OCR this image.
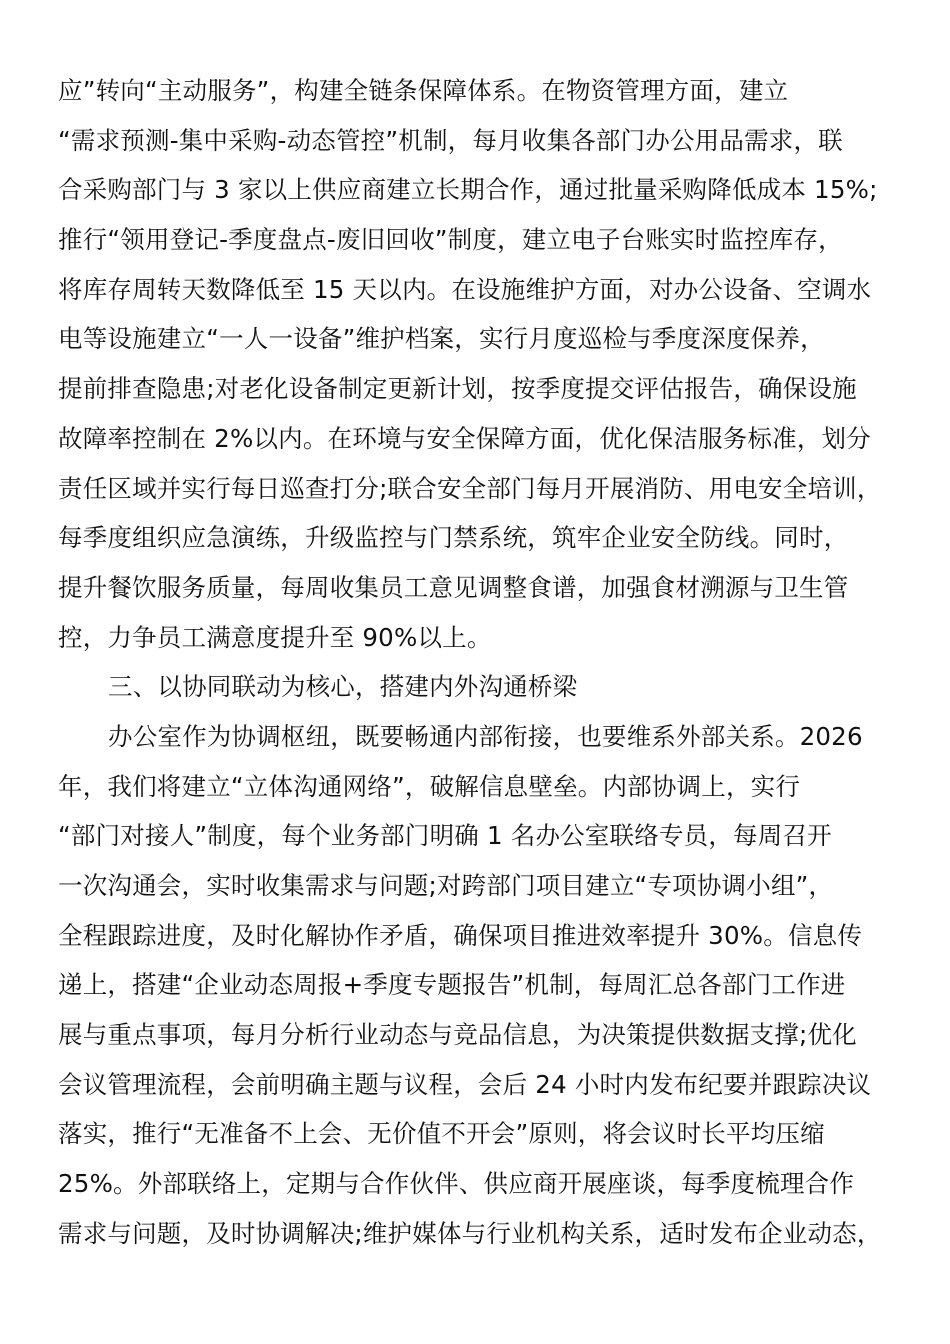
应”转向“主动服务”，构建全链条保障体系。在物资管理方面，建立
“需求预测-集中采购-动态管控”机制，每月收集各部门办公用品需求，联
合采购部门与 3 家以上供应商建立长期合作，通过批量采购降低成本 15%;
推行“领用登记-季度盘点-废旧回收”制度，建立电子台账实时监控库存，
将库存周转天数降低至 15 天以内。在设施维护方面，对办公设备、空调水
电等设施建立“一人一设备”维护档案，实行月度巡检与季度深度保养，
提前排查隐患;对老化设备制定更新计划，按季度提交评估报告，确保设施
故障率控制在 2%以内。在环境与安全保障方面，优化保洁服务标准，划分
责任区域并实行每日巡查打分;联合安全部门每月开展消防、用电安全培训，
每季度组织应急演练，升级监控与门禁系统，筑牢企业安全防线。同时，
提升餐饮服务质量，每周收集员工意见调整食谱，加强食材溯源与卫生管
控，力争员工满意度提升至 90%以上。
三、以协同联动为核心，搭建内外沟通桥梁
办公室作为协调枢纽，既要畅通内部衔接，也要维系外部关系。2026
年，我们将建立“立体沟通网络”，破解信息壁垒。内部协调上，实行
“部门对接人”制度，每个业务部门明确 1 名办公室联络专员，每周召开
一次沟通会，实时收集需求与问题;对跨部门项目建立“专项协调小组”，
全程跟踪进度，及时化解协作矛盾，确保项目推进效率提升 30%。信息传
递上，搭建“企业动态周报+季度专题报告”机制，每周汇总各部门工作进
展与重点事项，每月分析行业动态与竞品信息，为决策提供数据支撑;优化
会议管理流程，会前明确主题与议程，会后 24 小时内发布纪要并跟踪决议
落实，推行“无准备不上会、无价值不开会”原则，将会议时长平均压缩
25%。外部联络上，定期与合作伙伴、供应商开展座谈，每季度梳理合作
需求与问题，及时协调解决;维护媒体与行业机构关系，适时发布企业动态，
